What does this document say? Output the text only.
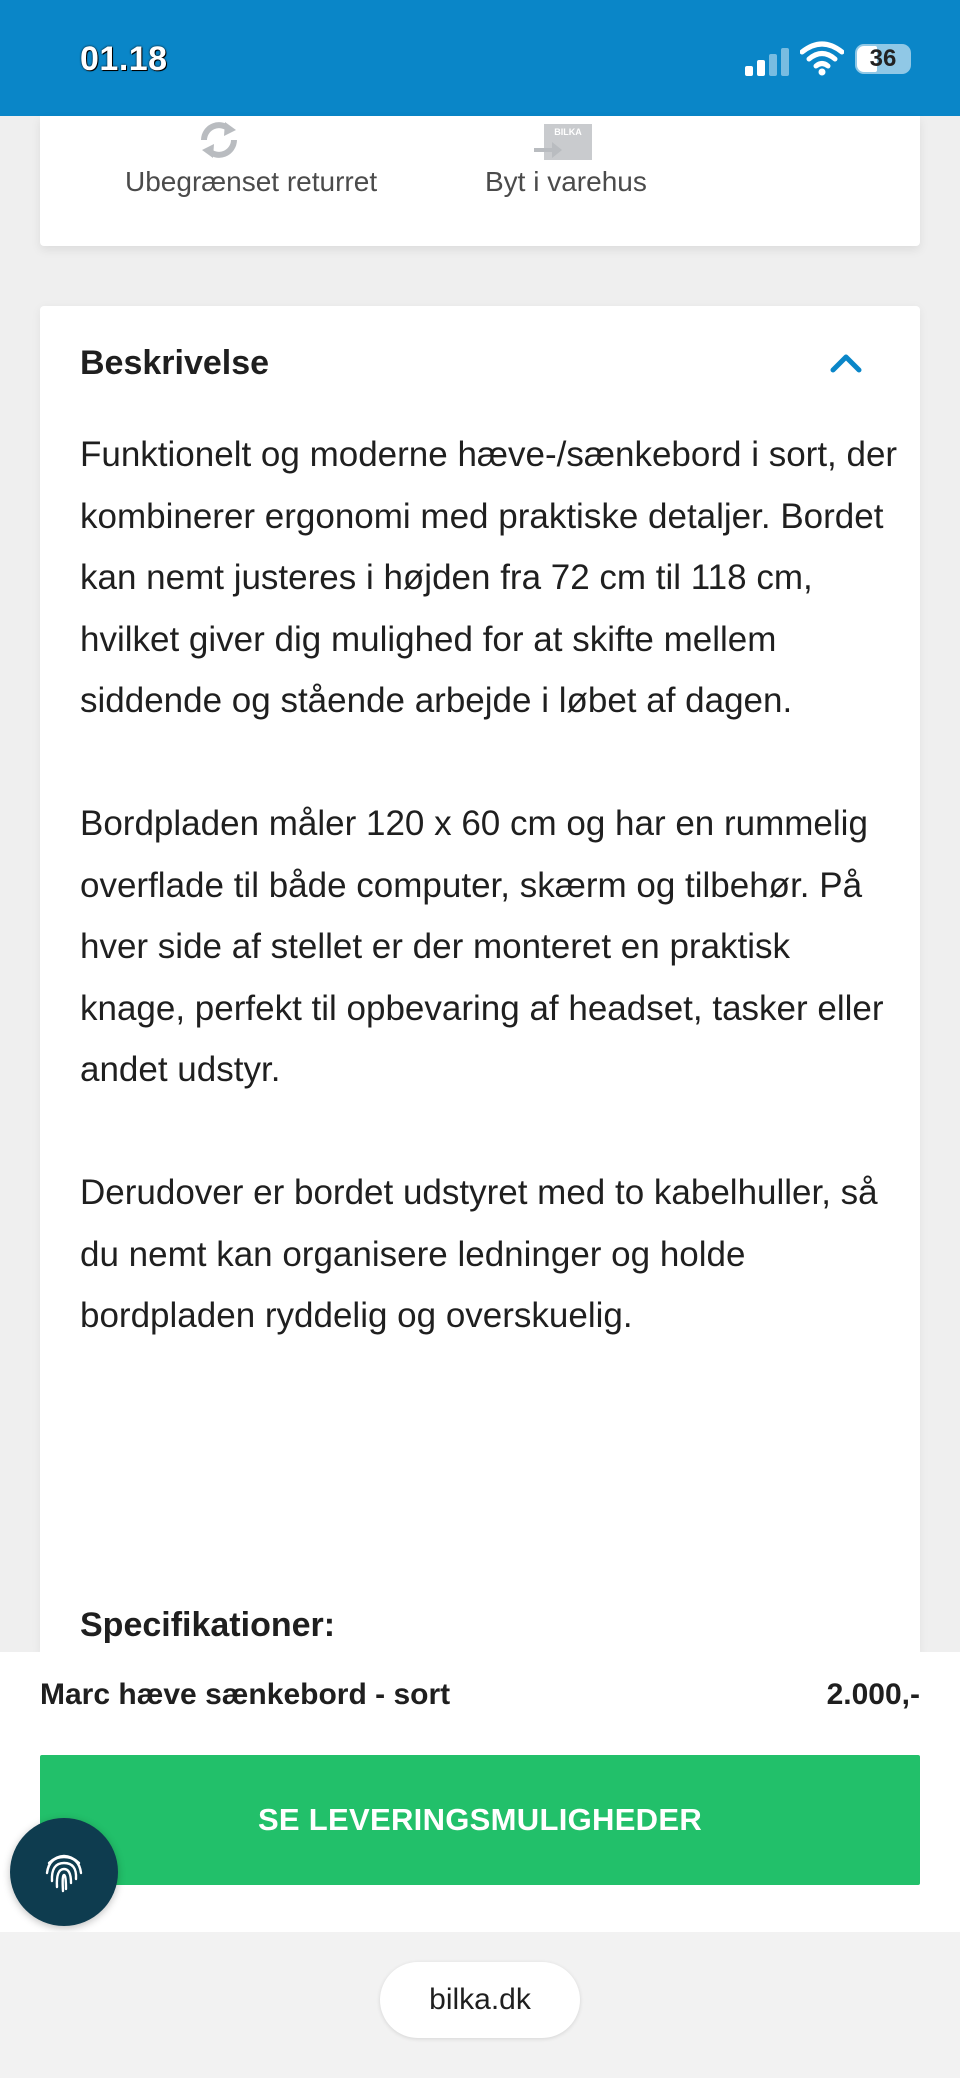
01.18	36
Ubegrænset returret
BILKA
Byt i varehus
Beskrivelse

Funktionelt og moderne hæve-/sænkebord i sort, der kombinerer ergonomi med praktiske detaljer. Bordet kan nemt justeres i højden fra 72 cm til 118 cm, hvilket giver dig mulighed for at skifte mellem siddende og stående arbejde i løbet af dagen.

Bordpladen måler 120 x 60 cm og har en rummelig overflade til både computer, skærm og tilbehør. På hver side af stellet er der monteret en praktisk knage, perfekt til opbevaring af headset, tasker eller andet udstyr.

Derudover er bordet udstyret med to kabelhuller, så du nemt kan organisere ledninger og holde bordpladen ryddelig og overskuelig.

Specifikationer:
Marc hæve sænkebord - sort	2.000,-
SE LEVERINGSMULIGHEDER
bilka.dk
